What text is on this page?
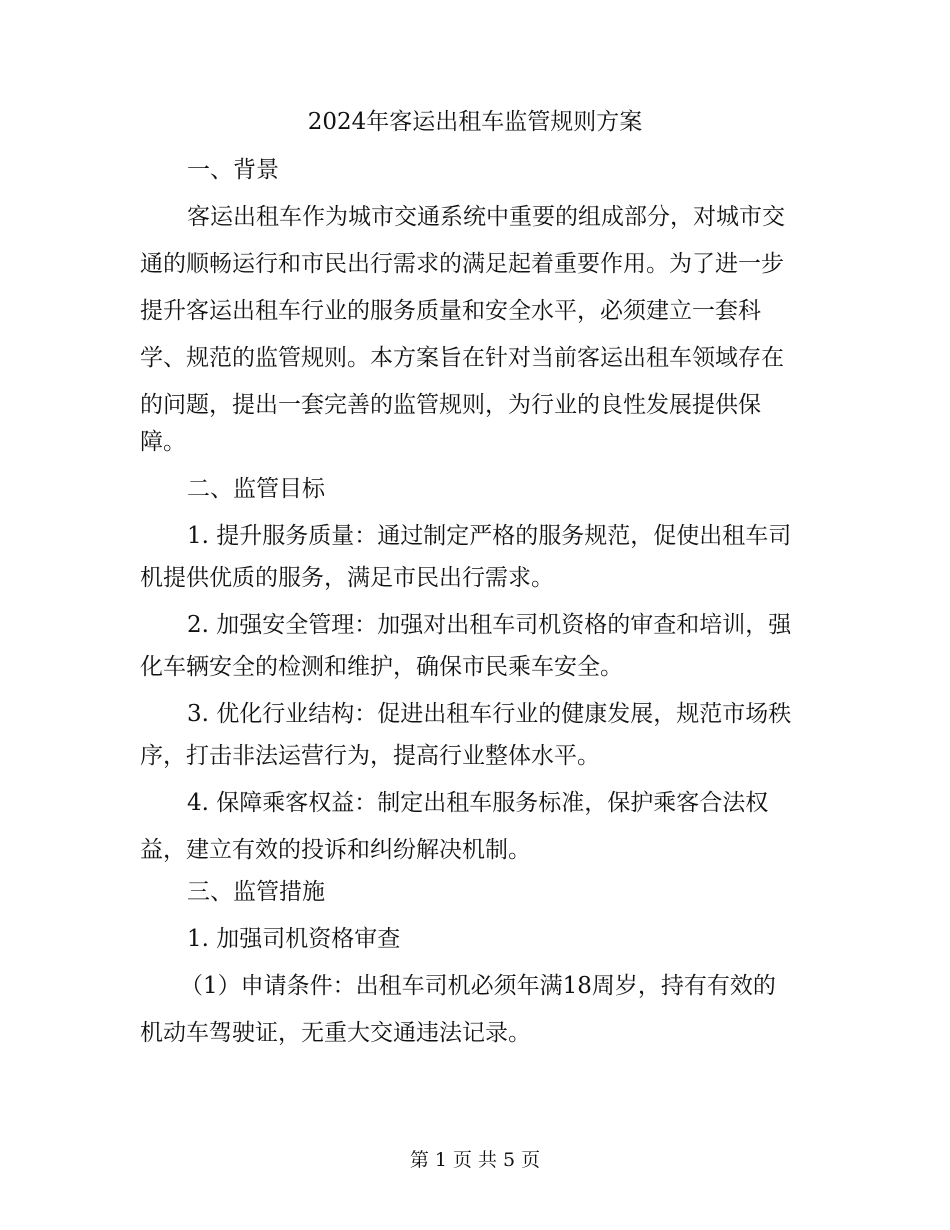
2024年客运出租车监管规则方案
一、背景
客运出租车作为城市交通系统中重要的组成部分，对城市交
通的顺畅运行和市民出行需求的满足起着重要作用。为了进一步
提升客运出租车行业的服务质量和安全水平，必须建立一套科
学、规范的监管规则。本方案旨在针对当前客运出租车领域存在
的问题，提出一套完善的监管规则，为行业的良性发展提供保
障。
二、监管目标
1. 提升服务质量：通过制定严格的服务规范，促使出租车司
机提供优质的服务，满足市民出行需求。
2. 加强安全管理：加强对出租车司机资格的审查和培训，强
化车辆安全的检测和维护，确保市民乘车安全。
3. 优化行业结构：促进出租车行业的健康发展，规范市场秩
序，打击非法运营行为，提高行业整体水平。
4. 保障乘客权益：制定出租车服务标准，保护乘客合法权
益，建立有效的投诉和纠纷解决机制。
三、监管措施
1. 加强司机资格审查
（1）申请条件：出租车司机必须年满18周岁，持有有效的
机动车驾驶证，无重大交通违法记录。
第 1 页 共 5 页
